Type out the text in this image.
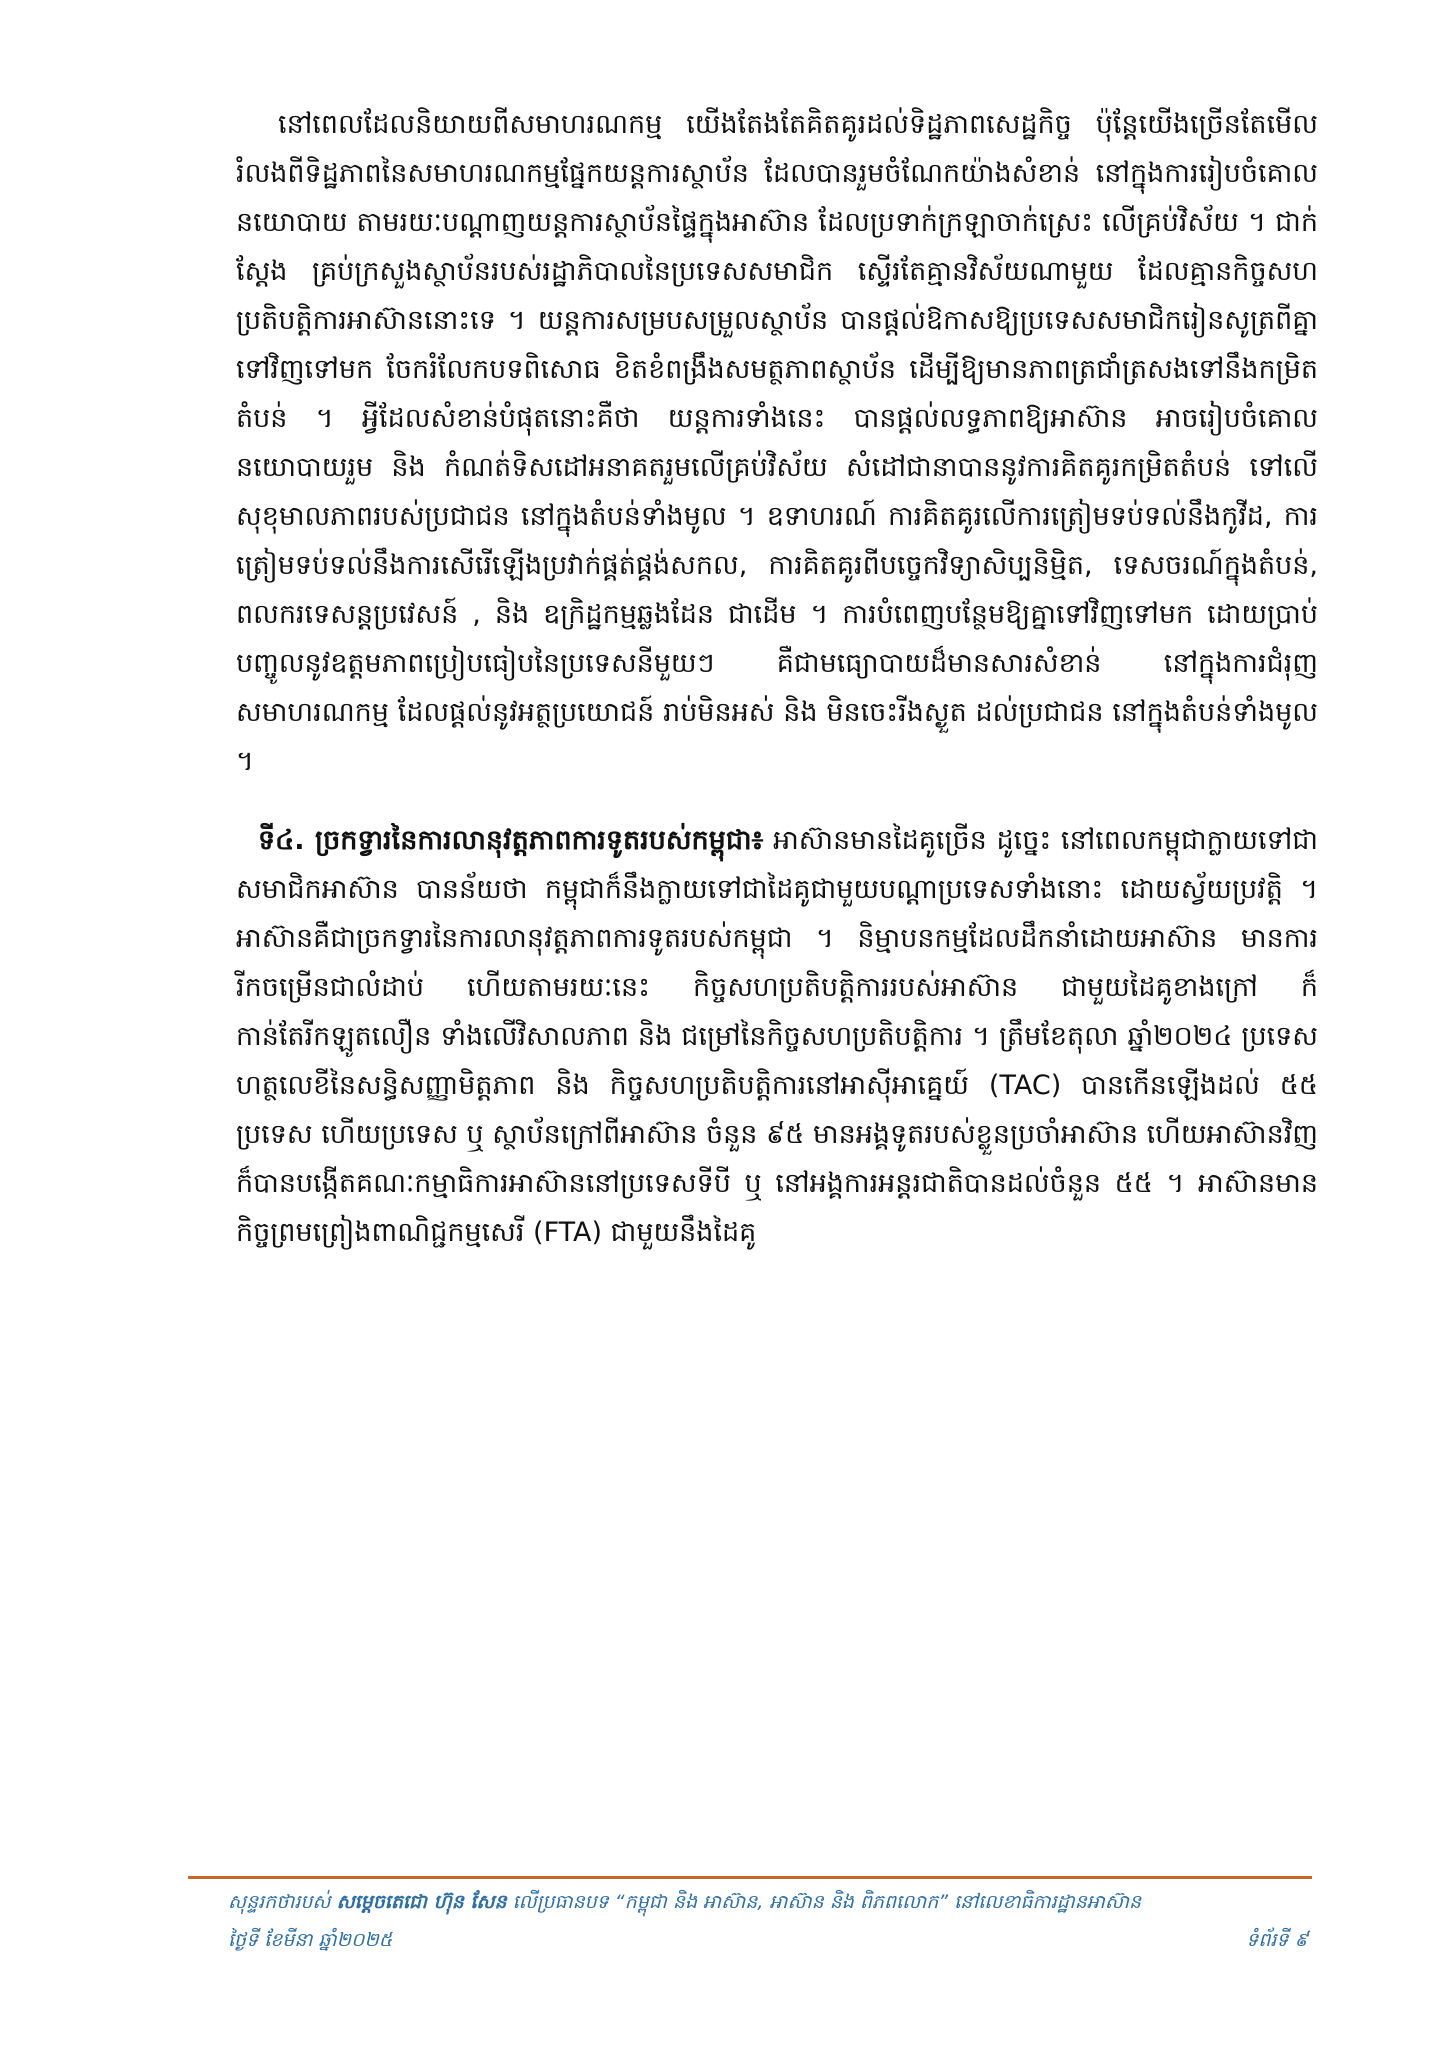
នៅពេលដែលនិយាយពីសមាហរណកម្ម យើងតែងតែគិតគូរដល់ទិដ្ឋភាពសេដ្ឋកិច្ច ប៉ុន្តែយើងច្រើនតែមើលរំលងពីទិដ្ឋភាពនៃសមាហរណកម្មផ្នែកយន្តការស្ថាប័ន ដែលបានរួមចំណែកយ៉ាងសំខាន់ នៅក្នុងការរៀបចំគោលនយោបាយ តាមរយៈបណ្ដាញយន្តការ​ស្ថាប័នផ្ទៃក្នុងអាស៊ាន ដែលប្រទាក់ក្រឡាចាក់ស្រេះ លើគ្រប់វិស័យ ។ ជាក់ស្តែង គ្រប់ក្រសួងស្ថាប័នរបស់រដ្ឋាភិបាលនៃប្រទេសសមាជិក ស្ទើរតែគ្មានវិស័យណាមួយ ដែលគ្មានកិច្ចសហប្រតិបត្តិការអាស៊ាននោះទេ ។ យន្តការសម្របសម្រួលស្ថាប័ន បានផ្តល់ឱកាសឱ្យប្រទេសសមាជិករៀនសូត្រពីគ្នាទៅវិញទៅមក ចែករំលែកបទពិសោធ ខិតខំពង្រឹងសមត្ថភាពស្ថាប័ន ដើម្បីឱ្យមានភាពត្រជាំត្រសងទៅនឹងកម្រិតតំបន់ ។ អ្វីដែលសំខាន់បំផុតនោះគឺថា យន្តការទាំងនេះ បានផ្តល់លទ្ធភាពឱ្យអាស៊ាន អាចរៀបចំគោលនយោបាយរួម និង កំណត់ទិសដៅអនាគតរួមលើគ្រប់វិស័យ សំដៅជានាបាននូវការគិតគូរកម្រិតតំបន់ ទៅលើសុខុមាលភាពរបស់ប្រជាជន នៅក្នុងតំបន់ទាំងមូល ។ ឧទាហរណ៍ ការគិតគូរលើការត្រៀមទប់ទល់នឹងកូវីដ, ការត្រៀមទប់ទល់នឹងការសើរើឡើងប្រវាក់ផ្គត់ផ្គង់សកល, ការគិតគូរពីបច្ចេកវិទ្យាសិប្បនិម្មិត, ទេសចរណ៍ក្នុងតំបន់, ពលករទេសន្តប្រវេសន៍ , និង ឧក្រិដ្ឋកម្មឆ្លងដែន ជាដើម ។ ការបំពេញបន្ថែមឱ្យគ្នាទៅវិញទៅមក ដោយប្រាប់បញ្ចូលនូវឧត្តមភាពប្រៀបធៀបនៃប្រទេសនីមួយៗ គឺជាមធ្យោបាយដ៏មានសារសំខាន់ នៅក្នុងការជំរុញសមាហរណកម្ម ដែលផ្តល់នូវអត្ថប្រយោជន៍ រាប់មិនអស់ និង មិនចេះរីងស្ងួត ដល់ប្រជាជន នៅក្នុងតំបន់ទាំងមូល ។

ទី៤. ច្រកទ្វារនៃការលានុវត្តភាពការទូតរបស់កម្ពុជា៖ អាស៊ានមានដៃគូច្រើន ដូច្នេះ នៅពេលកម្ពុជាក្លាយទៅជាសមាជិកអាស៊ាន បានន័យថា កម្ពុជាក៏នឹងក្លាយទៅជាដៃគូជាមួយបណ្ដាប្រទេសទាំងនោះ ដោយស្វ័យប្រវត្តិ ។ អាស៊ានគឺជាច្រកទ្វារនៃការលានុវត្តភាពការទូតរបស់កម្ពុជា ។ និម្មាបនកម្មដែលដឹកនាំដោយអាស៊ាន មានការរីកចម្រើនជាលំដាប់ ហើយតាមរយៈនេះ កិច្ចសហប្រតិបត្តិការរបស់អាស៊ាន ជាមួយដៃគូខាងក្រៅ ក៏កាន់តែរីកឡូតលឿន ទាំងលើវិសាលភាព និង ជម្រៅនៃកិច្ចសហប្រតិបត្តិការ ។ ត្រឹមខែតុលា ឆ្នាំ២០២៤ ប្រទេសហត្ថលេខីនៃសន្ធិសញ្ញាមិត្តភាព និង កិច្ចសហប្រតិបត្តិការនៅអាស៊ីអាគ្នេយ៍ (TAC) បានកើនឡើងដល់ ៥៥ ប្រទេស ហើយប្រទេស ឬ ស្ថាប័នក្រៅពីអាស៊ាន ចំនួន ៩៥ មានអង្គទូតរបស់ខ្លួនប្រចាំអាស៊ាន ហើយអាស៊ានវិញ ក៏បានបង្កើតគណៈកម្មាធិការអាស៊ាននៅប្រទេសទីបី ឬ នៅអង្គការអន្តរជាតិបានដល់ចំនួន ៥៥ ។ អាស៊ានមានកិច្ចព្រមព្រៀងពាណិជ្ជកម្មសេរី (FTA) ជាមួយនឹងដៃគូ

សុន្ទរកថារបស់ សម្តេចតេជោ ហ៊ុន សែន លើប្រធានបទ “កម្ពុជា និង អាស៊ាន, អាស៊ាន និង ពិភពលោក” នៅលេខាធិការដ្ឋានអាស៊ាន
ថ្ងៃទី ខែមីនា ឆ្នាំ២០២៥	ទំព័រទី ៩
